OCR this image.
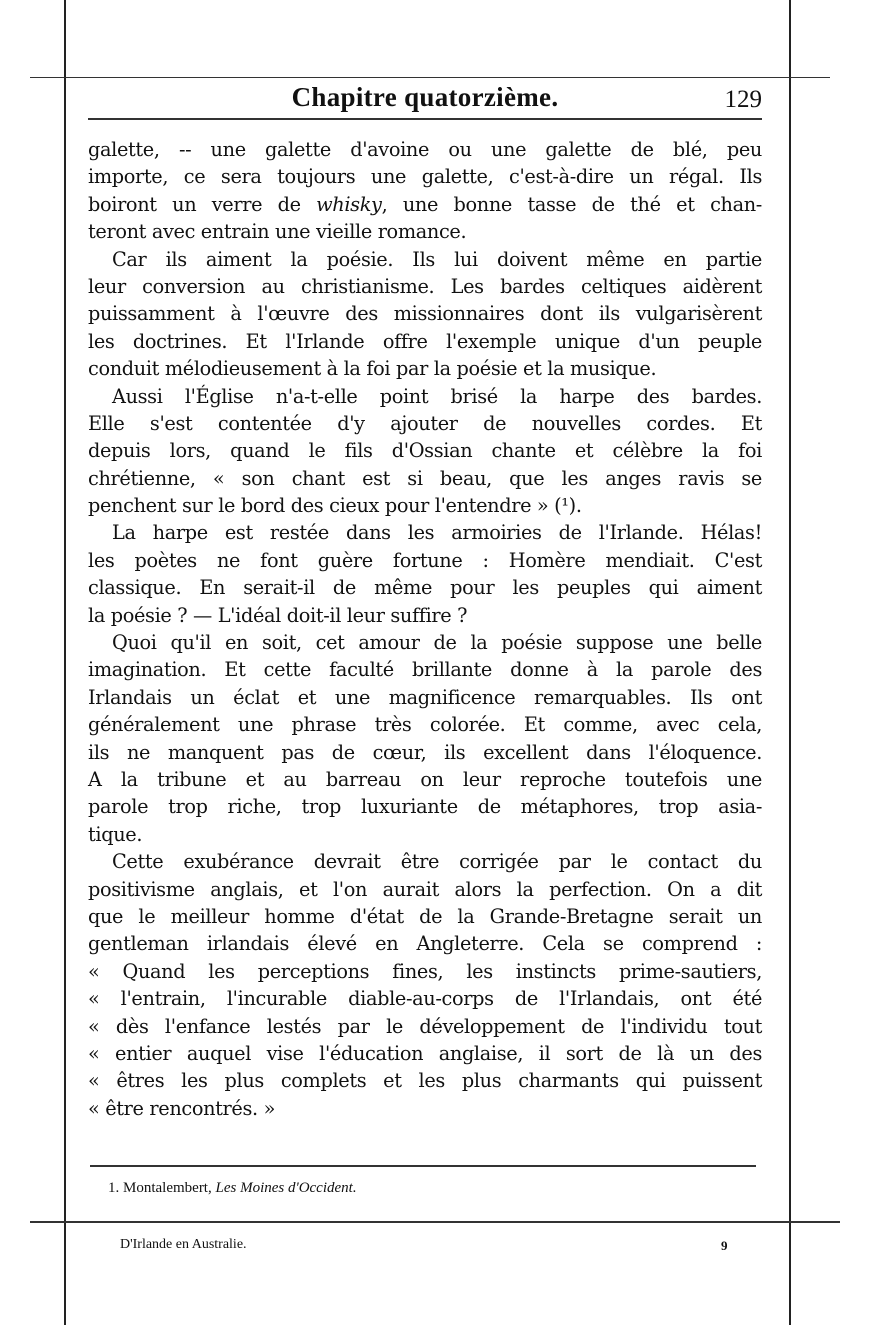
Chapitre quatorzième.	129
galette, -- une galette d'avoine ou une galette de blé, peu
importe, ce sera toujours une galette, c'est-à-dire un régal. Ils
boiront un verre de whisky, une bonne tasse de thé et chan-
teront avec entrain une vieille romance.
Car ils aiment la poésie. Ils lui doivent même en partie
leur conversion au christianisme. Les bardes celtiques aidèrent
puissamment à l'œuvre des missionnaires dont ils vulgarisèrent
les doctrines. Et l'Irlande offre l'exemple unique d'un peuple
conduit mélodieusement à la foi par la poésie et la musique.
Aussi l'Église n'a-t-elle point brisé la harpe des bardes.
Elle s'est contentée d'y ajouter de nouvelles cordes. Et
depuis lors, quand le fils d'Ossian chante et célèbre la foi
chrétienne, « son chant est si beau, que les anges ravis se
penchent sur le bord des cieux pour l'entendre » (¹).
La harpe est restée dans les armoiries de l'Irlande. Hélas!
les poètes ne font guère fortune : Homère mendiait. C'est
classique. En serait-il de même pour les peuples qui aiment
la poésie ? — L'idéal doit-il leur suffire ?
Quoi qu'il en soit, cet amour de la poésie suppose une belle
imagination. Et cette faculté brillante donne à la parole des
Irlandais un éclat et une magnificence remarquables. Ils ont
généralement une phrase très colorée. Et comme, avec cela,
ils ne manquent pas de cœur, ils excellent dans l'éloquence.
A la tribune et au barreau on leur reproche toutefois une
parole trop riche, trop luxuriante de métaphores, trop asia-
tique.
Cette exubérance devrait être corrigée par le contact du
positivisme anglais, et l'on aurait alors la perfection. On a dit
que le meilleur homme d'état de la Grande-Bretagne serait un
gentleman irlandais élevé en Angleterre. Cela se comprend :
« Quand les perceptions fines, les instincts prime-sautiers,
« l'entrain, l'incurable diable-au-corps de l'Irlandais, ont été
« dès l'enfance lestés par le développement de l'individu tout
« entier auquel vise l'éducation anglaise, il sort de là un des
« êtres les plus complets et les plus charmants qui puissent
« être rencontrés. »
1. Montalembert, Les Moines d'Occident.
D'Irlande en Australie.	9
